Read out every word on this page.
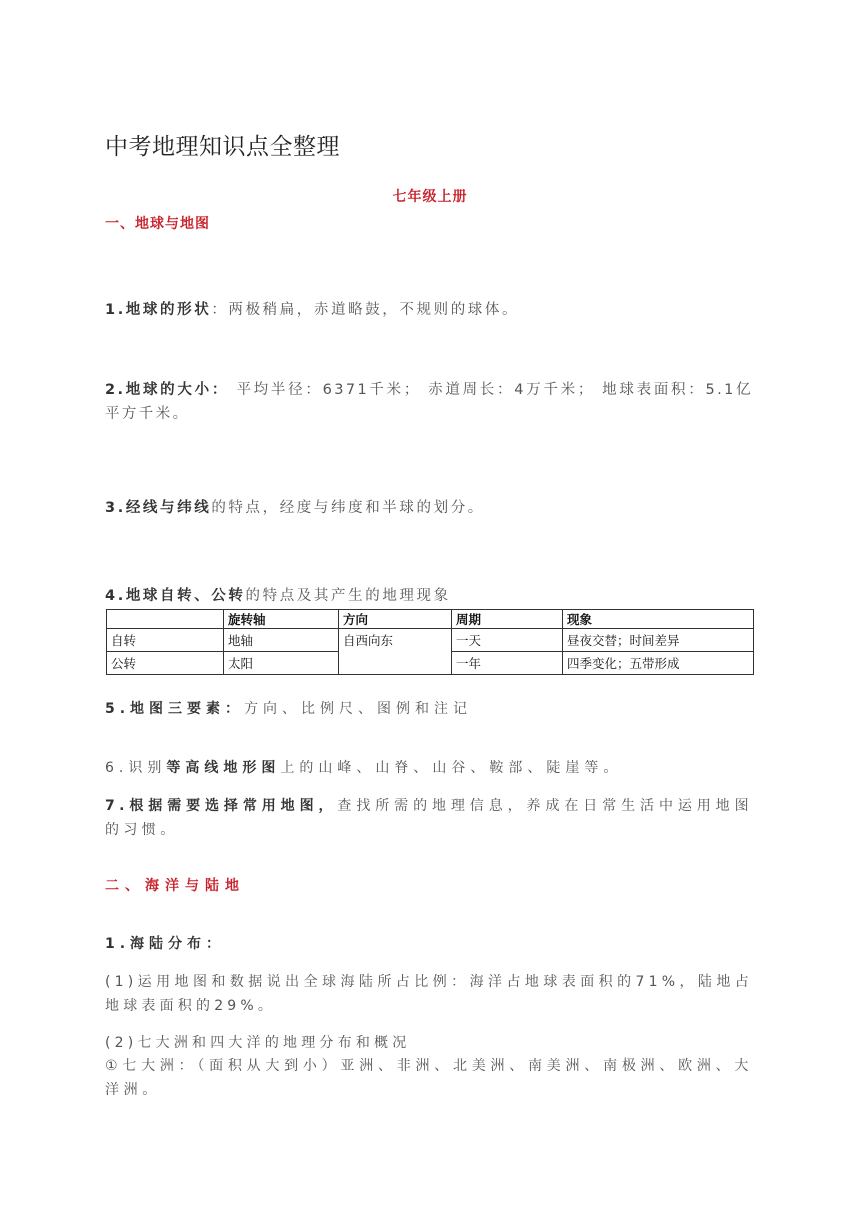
中考地理知识点全整理
七年级上册
一、地球与地图
1.地球的形状：两极稍扁，赤道略鼓，不规则的球体。
2.地球的大小： 平均半径：6371千米； 赤道周长：4万千米； 地球表面积：5.1亿平方千米。
3.经线与纬线的特点，经度与纬度和半球的划分。
4.地球自转、公转的特点及其产生的地理现象
	旋转轴	方向	周期	现象
自转	地轴	自西向东	一天	昼夜交替；时间差异
公转	太阳		一年	四季变化；五带形成
5.地图三要素：方向、比例尺、图例和注记
6.识别等高线地形图上的山峰、山脊、山谷、鞍部、陡崖等。
7.根据需要选择常用地图，查找所需的地理信息，养成在日常生活中运用地图的习惯。
二、海洋与陆地
1.海陆分布：
(1)运用地图和数据说出全球海陆所占比例：海洋占地球表面积的71%，陆地占地球表面积的29%。
(2)七大洲和四大洋的地理分布和概况
①七大洲：（面积从大到小）亚洲、非洲、北美洲、南美洲、南极洲、欧洲、大洋洲。
